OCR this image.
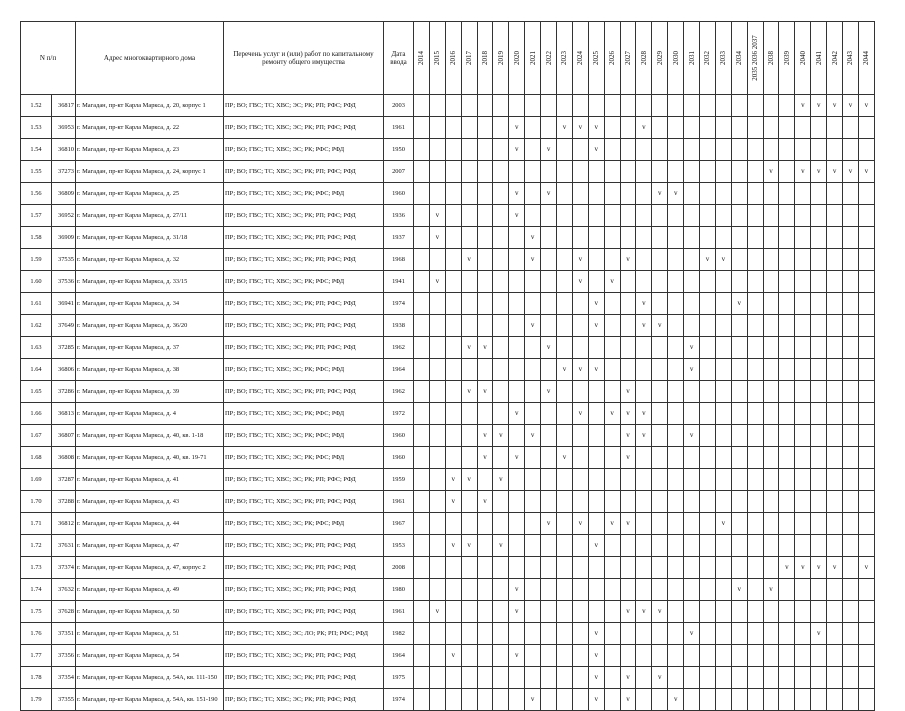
N п/п		Адрес многоквартирного дома	Перечень услуг и (или) работ по капитальному ремонту общего имущества	Дата ввода	2014	2015	2016	2017	2018	2019	2020	2021	2022	2023	2024	2025	2026	2027	2028	2029	2030	2031	2032	2033	2034	2035 2036 2037	2038	2039	2040	2041	2042	2043	2044

1.52	36817	г. Магадан, пр-кт Карла Маркса, д. 20, корпус 1	ПР; ВО; ГВС; ТС; ХВС; ЭС; РК; РП; РФС; РФД	2003																									v	v	v	v	v
1.53	36953	г. Магадан, пр-кт Карла Маркса, д. 22	ПР; ВО; ГВС; ТС; ХВС; ЭС; РК; РП; РФС; РФД	1961							v			v	v	v			v														
1.54	36810	г. Магадан, пр-кт Карла Маркса, д. 23	ПР; ВО; ГВС; ТС; ХВС; ЭС; РК; РФС; РФД	1950							v		v			v																	
1.55	37273	г. Магадан, пр-кт Карла Маркса, д. 24, корпус 1	ПР; ВО; ГВС; ТС; ХВС; ЭС; РК; РП; РФС; РФД	2007																							v		v	v	v	v	v
1.56	36809	г. Магадан, пр-кт Карла Маркса, д. 25	ПР; ВО; ГВС; ТС; ХВС; ЭС; РК; РФС; РФД	1960							v		v							v	v												
1.57	36952	г. Магадан, пр-кт Карла Маркса, д. 27/11	ПР; ВО; ГВС; ТС; ХВС; ЭС; РК; РП; РФС; РФД	1936		v					v																						
1.58	36909	г. Магадан, пр-кт Карла Маркса, д. 31/18	ПР; ВО; ГВС; ТС; ХВС; ЭС; РК; РП; РФС; РФД	1937		v						v																					
1.59	37535	г. Магадан, пр-кт Карла Маркса, д. 32	ПР; ВО; ГВС; ТС; ХВС; ЭС; РК; РП; РФС; РФД	1968				v				v			v			v					v	v									
1.60	37536	г. Магадан, пр-кт Карла Маркса, д. 33/15	ПР; ВО; ГВС; ТС; ХВС; ЭС; РК; РФС; РФД	1941		v									v		v																
1.61	36941	г. Магадан, пр-кт Карла Маркса, д. 34	ПР; ВО; ГВС; ТС; ХВС; ЭС; РК; РП; РФС; РФД	1974												v			v						v								
1.62	37649	г. Магадан, пр-кт Карла Маркса, д. 36/20	ПР; ВО; ГВС; ТС; ХВС; ЭС; РК; РП; РФС; РФД	1938								v				v			v	v													
1.63	37285	г. Магадан, пр-кт Карла Маркса, д. 37	ПР; ВО; ГВС; ТС; ХВС; ЭС; РК; РП; РФС; РФД	1962				v	v				v									v											
1.64	36806	г. Магадан, пр-кт Карла Маркса, д. 38	ПР; ВО; ГВС; ТС; ХВС; ЭС; РК; РФС; РФД	1964										v	v	v						v											
1.65	37286	г. Магадан, пр-кт Карла Маркса, д. 39	ПР; ВО; ГВС; ТС; ХВС; ЭС; РК; РП; РФС; РФД	1962				v	v				v					v															
1.66	36813	г. Магадан, пр-кт Карла Маркса, д. 4	ПР; ВО; ГВС; ТС; ХВС; ЭС; РК; РФС; РФД	1972							v				v		v	v	v														
1.67	36807	г. Магадан, пр-кт Карла Маркса, д. 40, кв. 1-18	ПР; ВО; ГВС; ТС; ХВС; ЭС; РК; РФС; РФД	1960					v	v		v						v	v			v											
1.68	36808	г. Магадан, пр-кт Карла Маркса, д. 40, кв. 19-71	ПР; ВО; ГВС; ТС; ХВС; ЭС; РК; РФС; РФД	1960					v		v			v				v															
1.69	37287	г. Магадан, пр-кт Карла Маркса, д. 41	ПР; ВО; ГВС; ТС; ХВС; ЭС; РК; РП; РФС; РФД	1959			v	v		v																							
1.70	37288	г. Магадан, пр-кт Карла Маркса, д. 43	ПР; ВО; ГВС; ТС; ХВС; ЭС; РК; РП; РФС; РФД	1961			v		v																								
1.71	36812	г. Магадан, пр-кт Карла Маркса, д. 44	ПР; ВО; ГВС; ТС; ХВС; ЭС; РК; РФС; РФД	1967									v		v		v	v						v									
1.72	37631	г. Магадан, пр-кт Карла Маркса, д. 47	ПР; ВО; ГВС; ТС; ХВС; ЭС; РК; РП; РФС; РФД	1953			v	v		v						v																	
1.73	37374	г. Магадан, пр-кт Карла Маркса, д. 47, корпус 2	ПР; ВО; ГВС; ТС; ХВС; ЭС; РК; РП; РФС; РФД	2008																								v	v	v	v		v
1.74	37632	г. Магадан, пр-кт Карла Маркса, д. 49	ПР; ВО; ГВС; ТС; ХВС; ЭС; РК; РП; РФС; РФД	1980							v														v		v						
1.75	37628	г. Магадан, пр-кт Карла Маркса, д. 50	ПР; ВО; ГВС; ТС; ХВС; ЭС; РК; РП; РФС; РФД	1961		v					v							v	v	v													
1.76	37351	г. Магадан, пр-кт Карла Маркса, д. 51	ПР; ВО; ГВС; ТС; ХВС; ЭС; ЛО; РК; РП; РФС; РФД	1982												v						v								v			
1.77	37356	г. Магадан, пр-кт Карла Маркса, д. 54	ПР; ВО; ГВС; ТС; ХВС; ЭС; РК; РП; РФС; РФД	1964			v				v					v																	
1.78	37354	г. Магадан, пр-кт Карла Маркса, д. 54А, кв. 111-150	ПР; ВО; ГВС; ТС; ХВС; ЭС; РК; РП; РФС; РФД	1975												v		v		v													
1.79	37355	г. Магадан, пр-кт Карла Маркса, д. 54А, кв. 151-190	ПР; ВО; ГВС; ТС; ХВС; ЭС; РК; РП; РФС; РФД	1974								v				v		v			v												
